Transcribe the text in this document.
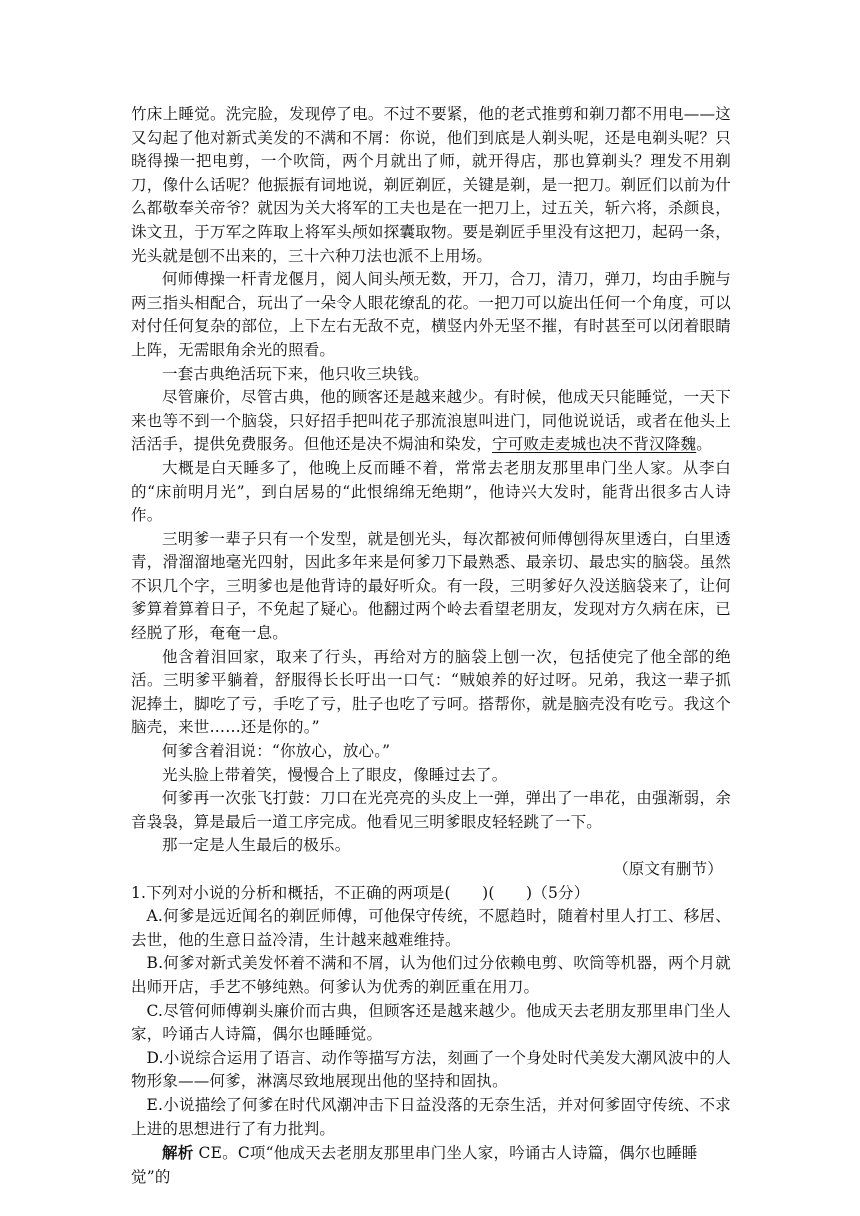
竹床上睡觉。洗完脸，发现停了电。不过不要紧，他的老式推剪和剃刀都不用电——这又勾起了他对新式美发的不满和不屑：你说，他们到底是人剃头呢，还是电剃头呢？只晓得操一把电剪，一个吹筒，两个月就出了师，就开得店，那也算剃头？理发不用剃刀，像什么话呢？他振振有词地说，剃匠剃匠，关键是剃，是一把刀。剃匠们以前为什么都敬奉关帝爷？就因为关大将军的工夫也是在一把刀上，过五关，斩六将，杀颜良，诛文丑，于万军之阵取上将军头颅如探囊取物。要是剃匠手里没有这把刀，起码一条，光头就是刨不出来的，三十六种刀法也派不上用场。

何师傅操一杆青龙偃月，阅人间头颅无数，开刀，合刀，清刀，弹刀，均由手腕与两三指头相配合，玩出了一朵令人眼花缭乱的花。一把刀可以旋出任何一个角度，可以对付任何复杂的部位，上下左右无敌不克，横竖内外无坚不摧，有时甚至可以闭着眼睛上阵，无需眼角余光的照看。

一套古典绝活玩下来，他只收三块钱。

尽管廉价，尽管古典，他的顾客还是越来越少。有时候，他成天只能睡觉，一天下来也等不到一个脑袋，只好招手把叫花子那流浪崽叫进门，同他说说话，或者在他头上活活手，提供免费服务。但他还是决不焗油和染发，宁可败走麦城也决不背汉降魏。

大概是白天睡多了，他晚上反而睡不着，常常去老朋友那里串门坐人家。从李白的“床前明月光”，到白居易的“此恨绵绵无绝期”，他诗兴大发时，能背出很多古人诗作。

三明爹一辈子只有一个发型，就是刨光头，每次都被何师傅刨得灰里透白，白里透青，滑溜溜地毫光四射，因此多年来是何爹刀下最熟悉、最亲切、最忠实的脑袋。虽然不识几个字，三明爹也是他背诗的最好听众。有一段，三明爹好久没送脑袋来了，让何爹算着算着日子，不免起了疑心。他翻过两个岭去看望老朋友，发现对方久病在床，已经脱了形，奄奄一息。

他含着泪回家，取来了行头，再给对方的脑袋上刨一次，包括使完了他全部的绝活。三明爹平躺着，舒服得长长吁出一口气：“贼娘养的好过呀。兄弟，我这一辈子抓泥捧土，脚吃了亏，手吃了亏，肚子也吃了亏呵。搭帮你，就是脑壳没有吃亏。我这个脑壳，来世……还是你的。”

何爹含着泪说：“你放心，放心。”

光头脸上带着笑，慢慢合上了眼皮，像睡过去了。

何爹再一次张飞打鼓：刀口在光亮亮的头皮上一弹，弹出了一串花，由强渐弱，余音袅袅，算是最后一道工序完成。他看见三明爹眼皮轻轻跳了一下。

那一定是人生最后的极乐。

（原文有删节）

1.下列对小说的分析和概括，不正确的两项是(　　)(　　)（5分）

A.何爹是远近闻名的剃匠师傅，可他保守传统，不愿趋时，随着村里人打工、移居、去世，他的生意日益冷清，生计越来越难维持。

B.何爹对新式美发怀着不满和不屑，认为他们过分依赖电剪、吹筒等机器，两个月就出师开店，手艺不够纯熟。何爹认为优秀的剃匠重在用刀。

C.尽管何师傅剃头廉价而古典，但顾客还是越来越少。他成天去老朋友那里串门坐人家，吟诵古人诗篇，偶尔也睡睡觉。

D.小说综合运用了语言、动作等描写方法，刻画了一个身处时代美发大潮风波中的人物形象——何爹，淋漓尽致地展现出他的坚持和固执。

E.小说描绘了何爹在时代风潮冲击下日益没落的无奈生活，并对何爹固守传统、不求上进的思想进行了有力批判。

解析 CE。C项“他成天去老朋友那里串门坐人家，吟诵古人诗篇，偶尔也睡睡觉”的
